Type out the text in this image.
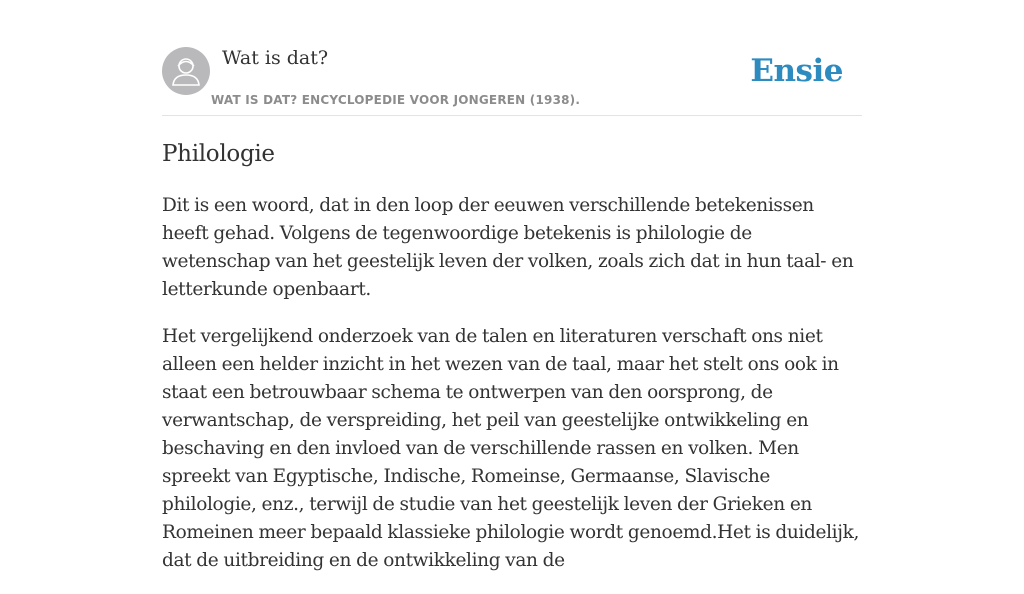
Wat is dat?
WAT IS DAT? ENCYCLOPEDIE VOOR JONGEREN (1938).
Ensie
Philologie

Dit is een woord, dat in den loop der eeuwen verschillende betekenissen heeft gehad. Volgens de tegenwoordige betekenis is philologie de wetenschap van het geestelijk leven der volken, zoals zich dat in hun taal- en letterkunde openbaart.

Het vergelijkend onderzoek van de talen en literaturen verschaft ons niet alleen een helder inzicht in het wezen van de taal, maar het stelt ons ook in staat een betrouwbaar schema te ontwerpen van den oorsprong, de verwantschap, de verspreiding, het peil van geestelijke ontwikkeling en beschaving en den invloed van de verschillende rassen en volken. Men spreekt van Egyptische, Indische, Romeinse, Germaanse, Slavische philologie, enz., terwijl de studie van het geestelijk leven der Grieken en Romeinen meer bepaald klassieke philologie wordt genoemd.Het is duidelijk, dat de uitbreiding en de ontwikkeling van de
